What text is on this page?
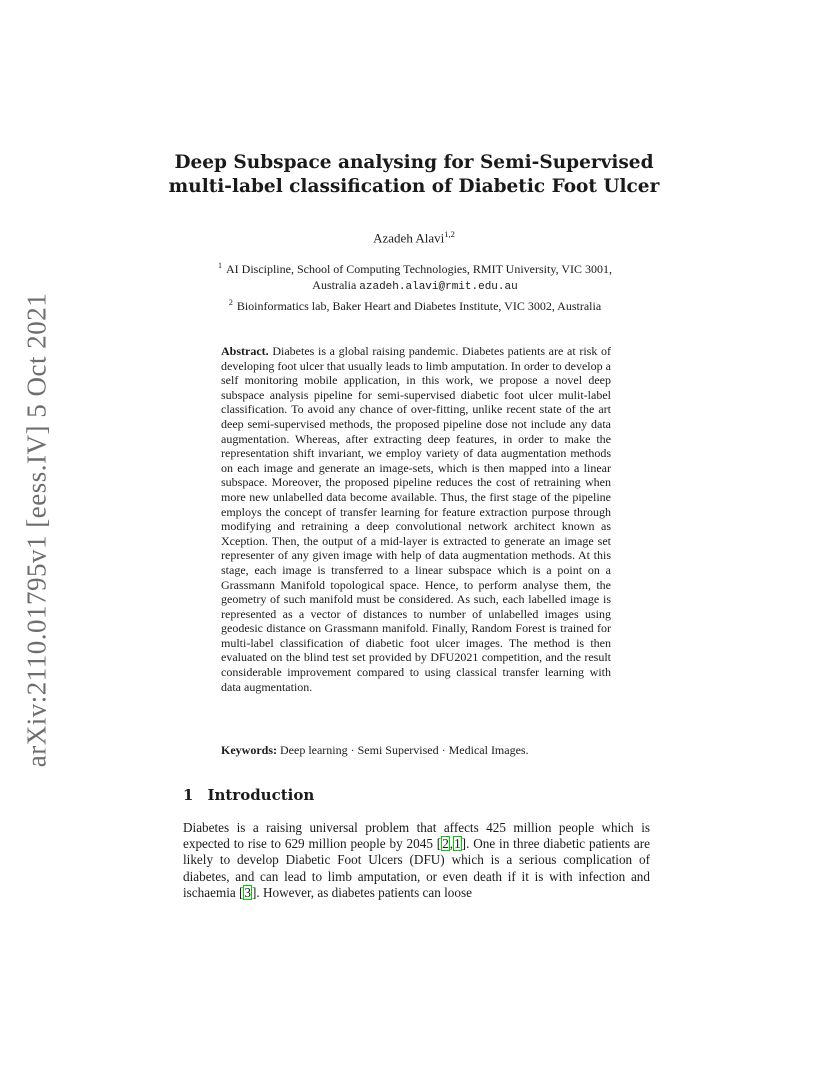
arXiv:2110.01795v1 [eess.IV] 5 Oct 2021
Deep Subspace analysing for Semi-Supervised
multi-label classification of Diabetic Foot Ulcer
Azadeh Alavi$^{1,2}$
$^1$ AI Discipline, School of Computing Technologies, RMIT University, VIC 3001,
Australia azadeh.alavi@rmit.edu.au
$^2$ Bioinformatics lab, Baker Heart and Diabetes Institute, VIC 3002, Australia
Abstract. Diabetes is a global raising pandemic. Diabetes patients are at risk of developing foot ulcer that usually leads to limb amputation. In order to develop a self monitoring mobile application, in this work, we propose a novel deep subspace analysis pipeline for semi-supervised diabetic foot ulcer mulit-label classification. To avoid any chance of over-fitting, unlike recent state of the art deep semi-supervised methods, the proposed pipeline dose not include any data augmentation. Whereas, after extracting deep features, in order to make the representation shift invariant, we employ variety of data augmentation methods on each image and generate an image-sets, which is then mapped into a linear subspace. Moreover, the proposed pipeline reduces the cost of retraining when more new unlabelled data become available. Thus, the first stage of the pipeline employs the concept of transfer learning for feature extraction purpose through modifying and retraining a deep convolutional network architect known as Xception. Then, the output of a mid-layer is extracted to generate an image set representer of any given image with help of data augmentation methods. At this stage, each image is transferred to a linear subspace which is a point on a Grassmann Manifold topological space. Hence, to perform analyse them, the geometry of such manifold must be considered. As such, each labelled image is represented as a vector of distances to number of unlabelled images using geodesic distance on Grassmann manifold. Finally, Random Forest is trained for multi-label classification of diabetic foot ulcer images. The method is then evaluated on the blind test set provided by DFU2021 competition, and the result considerable improvement compared to using classical transfer learning with data augmentation.
Keywords: Deep learning · Semi Supervised · Medical Images.
1 Introduction
Diabetes is a raising universal problem that affects 425 million people which is expected to rise to 629 million people by 2045 [2,1]. One in three diabetic patients are likely to develop Diabetic Foot Ulcers (DFU) which is a serious complication of diabetes, and can lead to limb amputation, or even death if it is with infection and ischaemia [3]. However, as diabetes patients can loose
